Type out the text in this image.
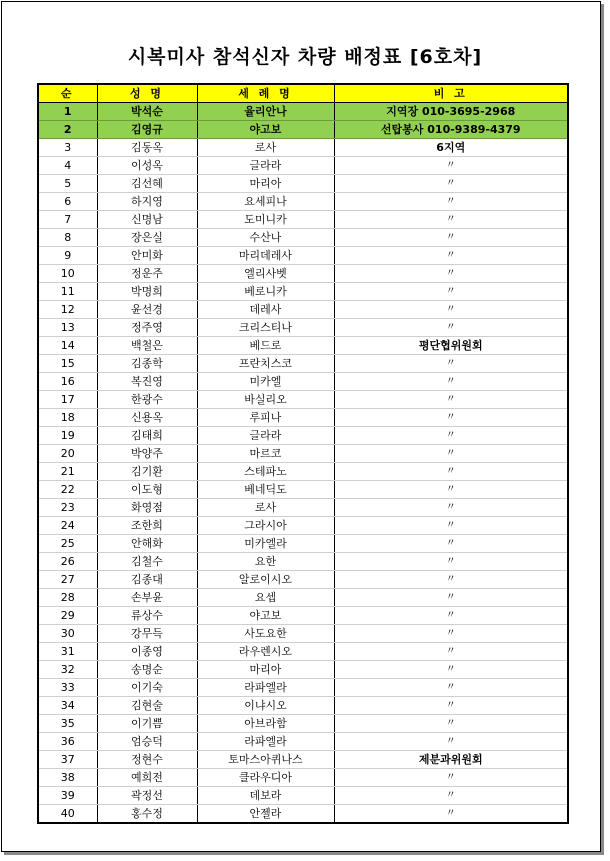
시복미사 참석신자 차량 배정표 [6호차]
순	성 명	세 례 명	비 고
1	박석순	율리안나	지역장 010-3695-2968
2	김영규	야고보	선탑봉사 010-9389-4379
3	김동옥	로사	6지역
4	이성옥	글라라	〃
5	김선혜	마리아	〃
6	하지영	요세피나	〃
7	신명남	도미니카	〃
8	장은실	수산나	〃
9	안미화	마리데레사	〃
10	정운주	엘리사벳	〃
11	박명희	베로니카	〃
12	윤선경	데레사	〃
13	정주영	크리스티나	〃
14	백철은	베드로	평단협위원회
15	김종학	프란치스코	〃
16	복진영	미카엘	〃
17	한광수	바실리오	〃
18	신용옥	루피나	〃
19	김태희	글라라	〃
20	박양주	마르코	〃
21	김기환	스테파노	〃
22	이도형	베네딕도	〃
23	화영점	로사	〃
24	조한희	그라시아	〃
25	안해화	미카엘라	〃
26	김철수	요한	〃
27	김종대	알로이시오	〃
28	손부윤	요셉	〃
29	류상수	야고보	〃
30	강무득	사도요한	〃
31	이종영	라우렌시오	〃
32	송명순	마리아	〃
33	이기숙	라파엘라	〃
34	김현술	이냐시오	〃
35	이기쁨	아브라함	〃
36	엄승덕	라파엘라	〃
37	정현수	토마스아퀴나스	제분과위원회
38	예희전	클라우디아	〃
39	곽정선	데보라	〃
40	홍수정	안젤라	〃
